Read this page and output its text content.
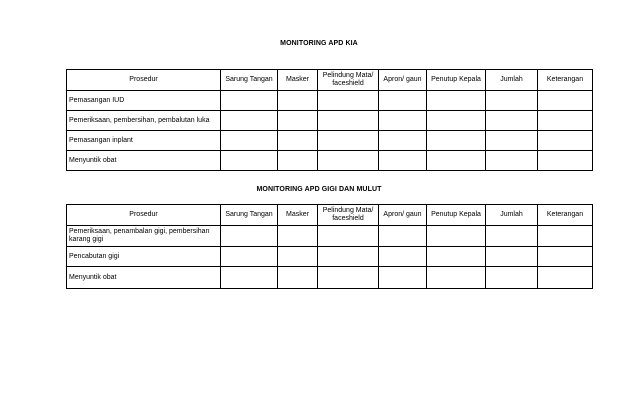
MONITORING APD KIA
Prosedur	Sarung Tangan	Masker	Pelindung Mata/ faceshield	Apron/ gaun	Penutup Kepala	Jumlah	Keterangan
Pemasangan IUD							
Pemeriksaan, pembersihan, pembalutan luka							
Pemasangan inplant							
Menyuntik obat							
MONITORING APD GIGI DAN MULUT
Prosedur	Sarung Tangan	Masker	Pelindung Mata/ faceshield	Apron/ gaun	Penutup Kepala	Jumlah	Keterangan
Pemeriksaan, penambalan gigi, pembersihan karang gigi							
Pencabutan gigi							
Menyuntik obat							
